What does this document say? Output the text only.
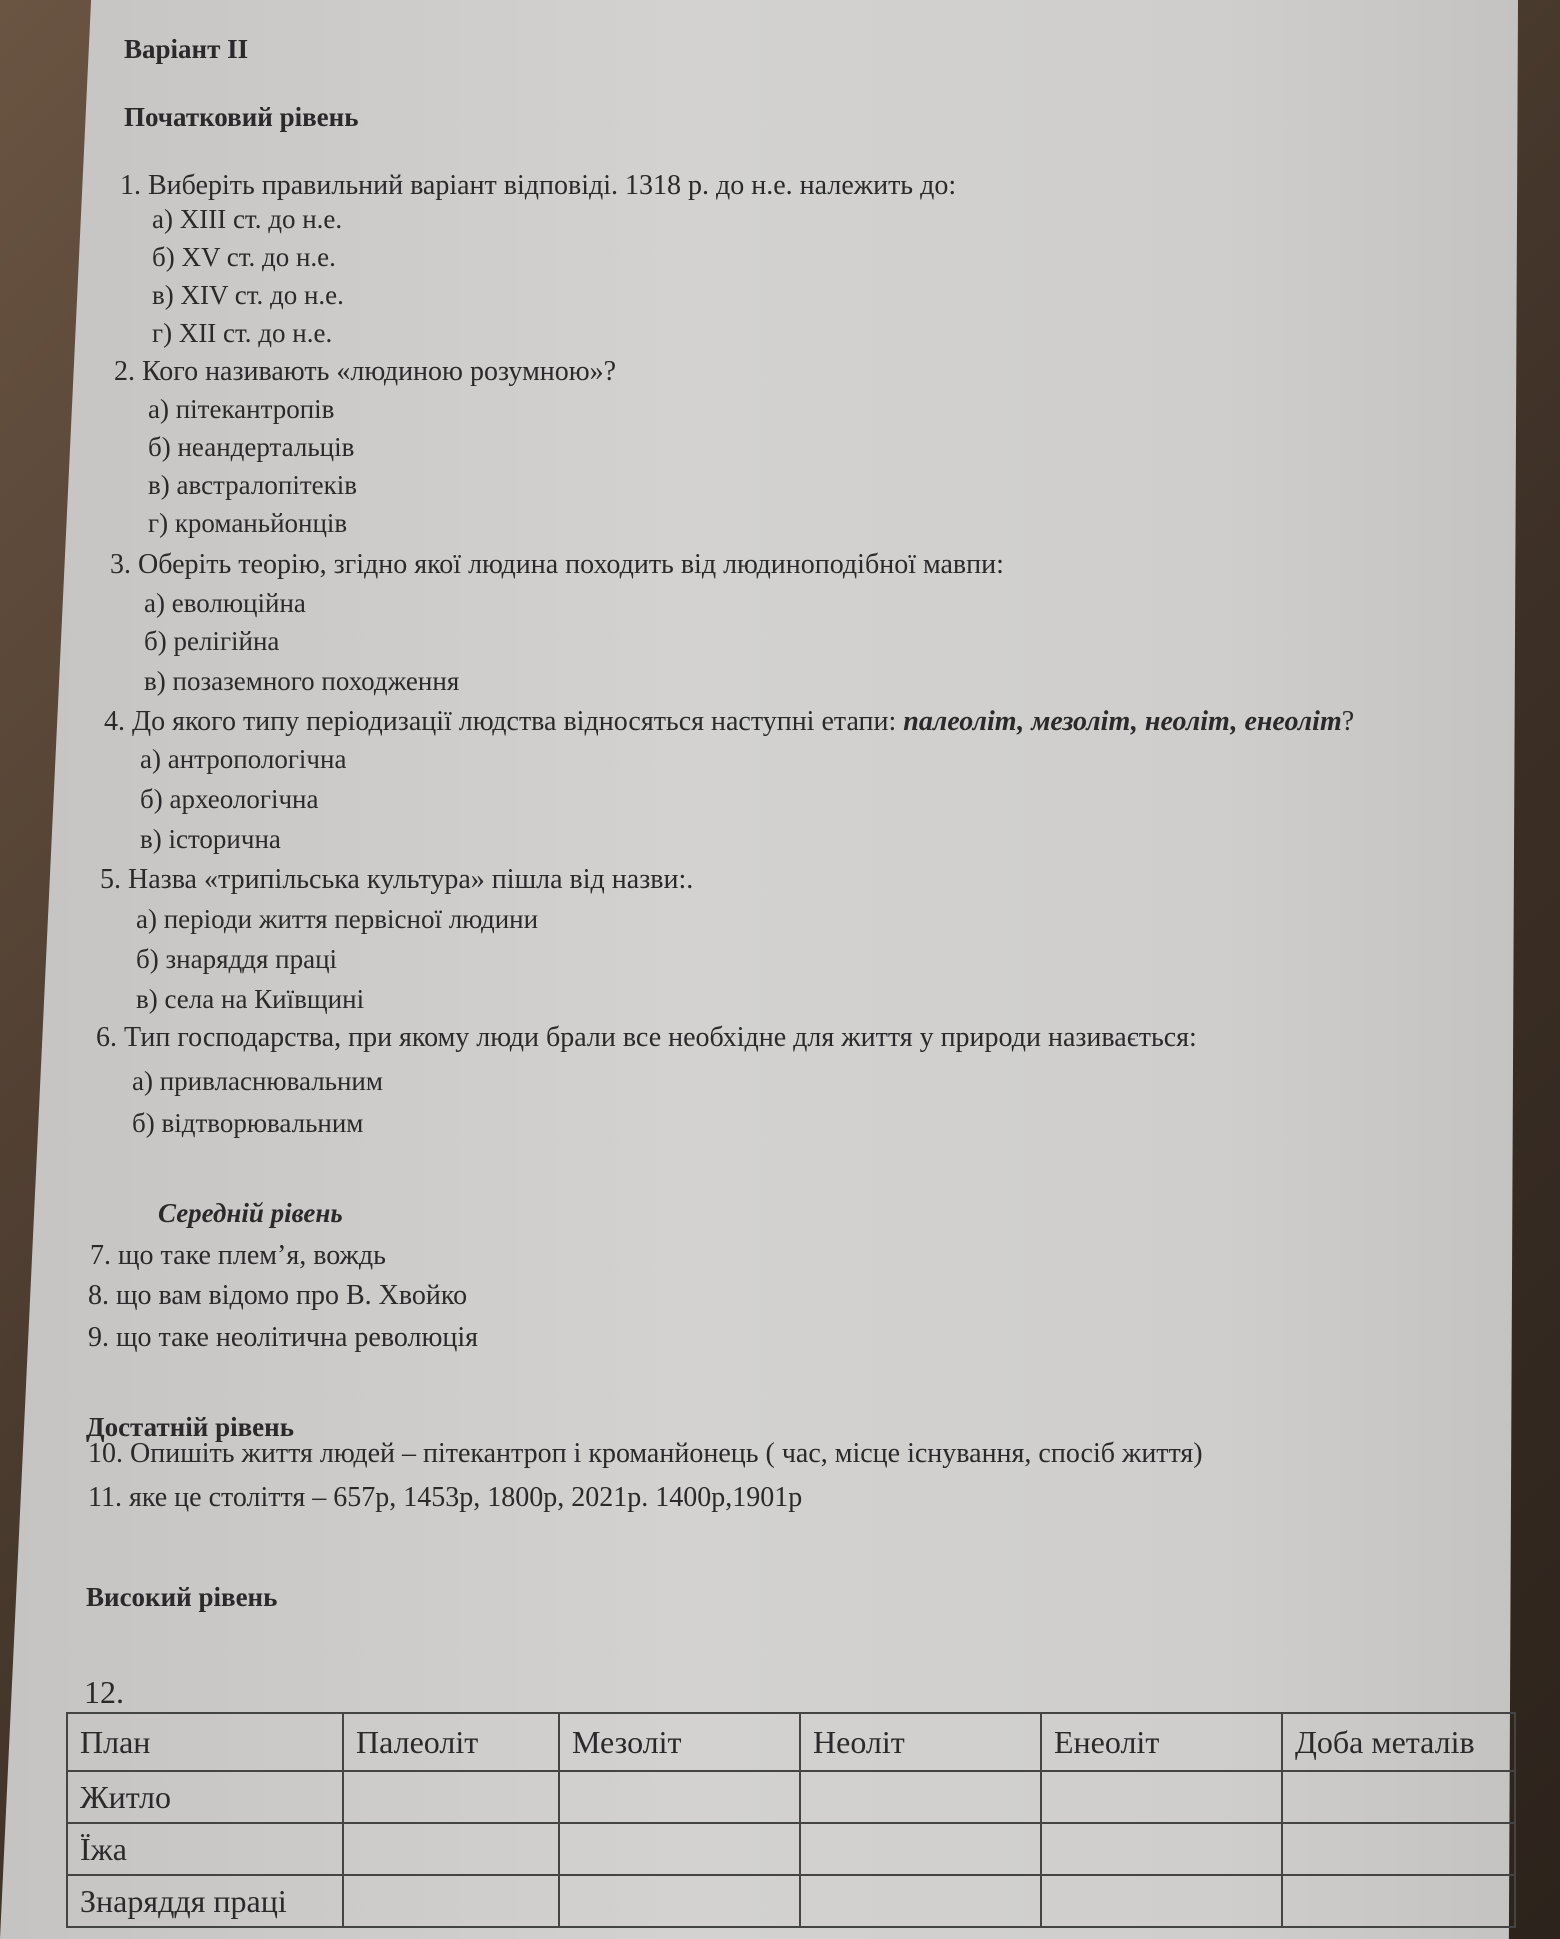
Варіант ІІ
Початковий рівень
1. Виберіть правильний варіант відповіді. 1318 р. до н.е. належить до:
а) XIII ст. до н.е.
б) XV ст. до н.е.
в) XIV ст. до н.е.
г) XII ст. до н.е.
2. Кого називають «людиною розумною»?
а) пітекантропів
б) неандертальців
в) австралопітеків
г) кроманьйонців
3. Оберіть теорію, згідно якої людина походить від людиноподібної мавпи:
а) еволюційна
б) релігійна
в) позаземного походження
4. До якого типу періодизації людства відносяться наступні етапи: палеоліт, мезоліт, неоліт, енеоліт?
а) антропологічна
б) археологічна
в) історична
5. Назва «трипільська культура» пішла від назви:.
а) періоди життя первісної людини
б) знаряддя праці
в) села на Київщині
6. Тип господарства, при якому люди брали все необхідне для життя у природи називається:
а) привласнювальним
б) відтворювальним
Середній рівень
7. що таке плем’я, вождь
8. що вам відомо про В. Хвойко
9. що таке неолітична революція
Достатній рівень
10. Опишіть життя людей – пітекантроп і кроманйонець ( час, місце існування, спосіб життя)
11. яке це століття – 657р, 1453р, 1800р, 2021р. 1400р,1901р
Високий рівень
12.
План	Палеоліт	Мезоліт	Неоліт	Енеоліт	Доба металів
Житло					
Їжа					
Знаряддя праці					
